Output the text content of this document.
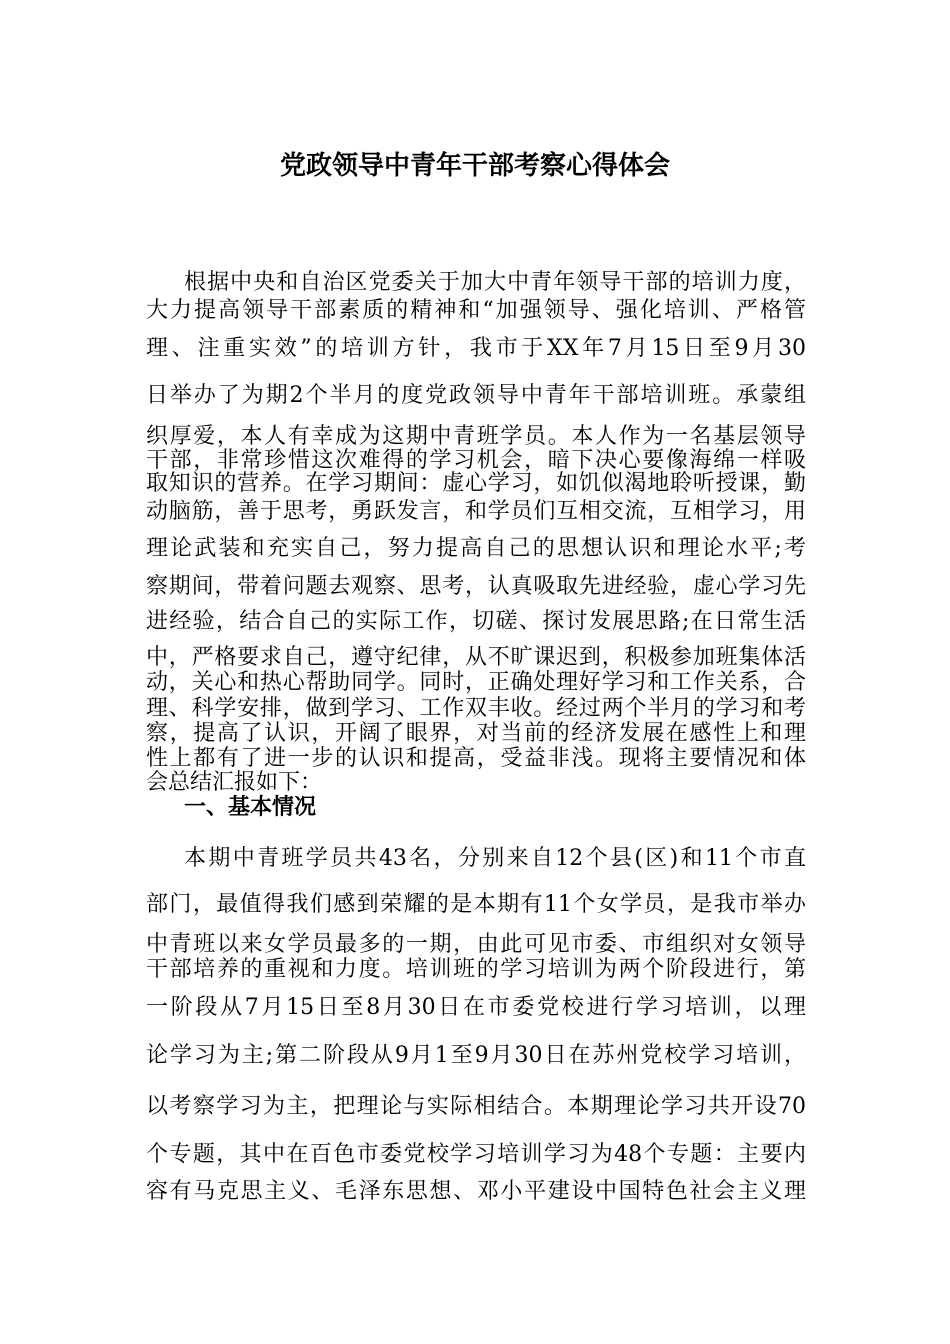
党政领导中青年干部考察心得体会
根据中央和自治区党委关于加大中青年领导干部的培训力度，
大力提高领导干部素质的精神和“加强领导、强化培训、严格管
理、注重实效”的培训方针，我市于XX年7月15日至9月30
日举办了为期2个半月的度党政领导中青年干部培训班。承蒙组
织厚爱，本人有幸成为这期中青班学员。本人作为一名基层领导
干部，非常珍惜这次难得的学习机会，暗下决心要像海绵一样吸
取知识的营养。在学习期间：虚心学习，如饥似渴地聆听授课，勤
动脑筋，善于思考，勇跃发言，和学员们互相交流，互相学习，用
理论武装和充实自己，努力提高自己的思想认识和理论水平;考
察期间，带着问题去观察、思考，认真吸取先进经验，虚心学习先
进经验，结合自己的实际工作，切磋、探讨发展思路;在日常生活
中，严格要求自己，遵守纪律，从不旷课迟到，积极参加班集体活
动，关心和热心帮助同学。同时，正确处理好学习和工作关系，合
理、科学安排，做到学习、工作双丰收。经过两个半月的学习和考
察，提高了认识，开阔了眼界，对当前的经济发展在感性上和理
性上都有了进一步的认识和提高，受益非浅。现将主要情况和体
会总结汇报如下：
一、基本情况
本期中青班学员共43名，分别来自12个县(区)和11个市直
部门，最值得我们感到荣耀的是本期有11个女学员，是我市举办
中青班以来女学员最多的一期，由此可见市委、市组织对女领导
干部培养的重视和力度。培训班的学习培训为两个阶段进行，第
一阶段从7月15日至8月30日在市委党校进行学习培训，以理
论学习为主;第二阶段从9月1至9月30日在苏州党校学习培训，
以考察学习为主，把理论与实际相结合。本期理论学习共开设70
个专题，其中在百色市委党校学习培训学习为48个专题：主要内
容有马克思主义、毛泽东思想、邓小平建设中国特色社会主义理
